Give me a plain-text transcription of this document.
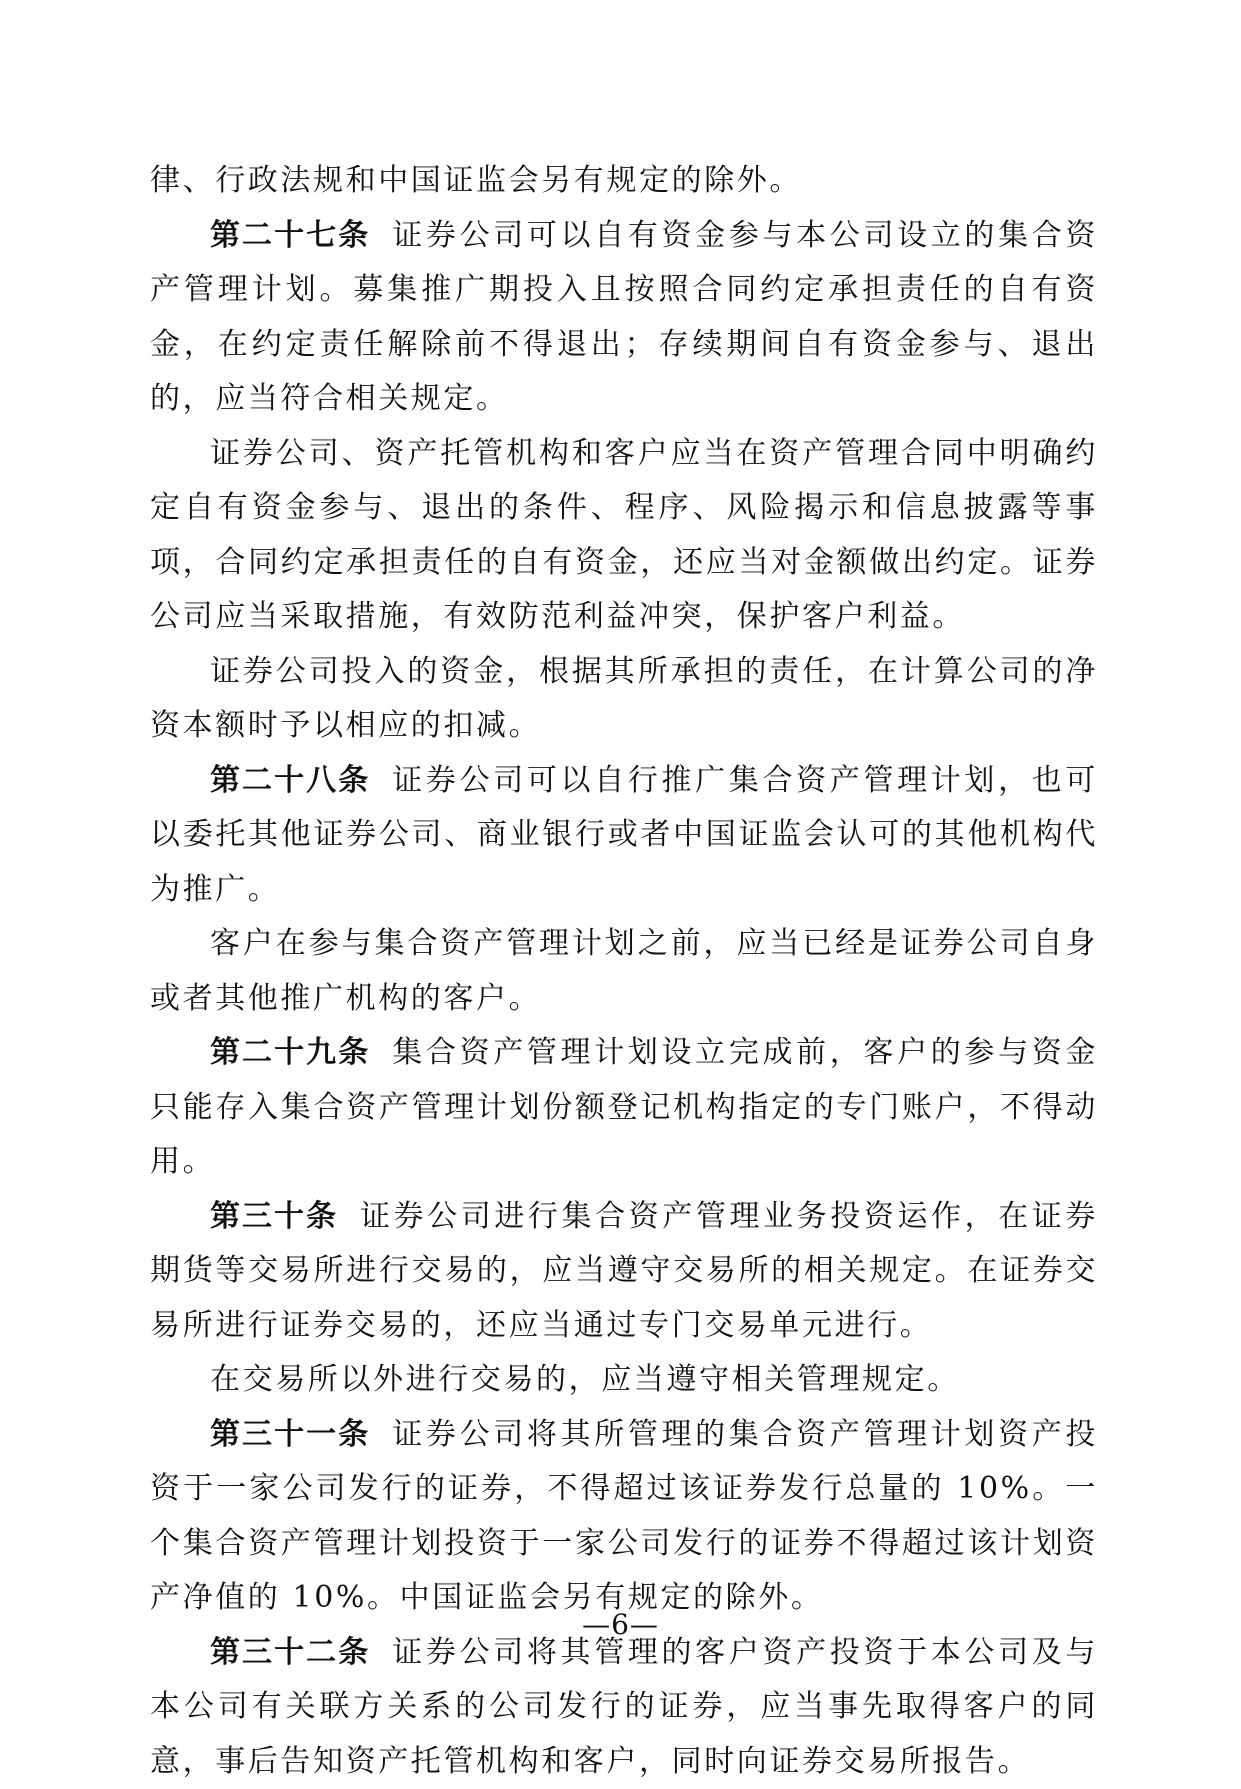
律、行政法规和中国证监会另有规定的除外。

第二十七条 证券公司可以自有资金参与本公司设立的集合资产管理计划。募集推广期投入且按照合同约定承担责任的自有资金，在约定责任解除前不得退出；存续期间自有资金参与、退出的，应当符合相关规定。

证券公司、资产托管机构和客户应当在资产管理合同中明确约定自有资金参与、退出的条件、程序、风险揭示和信息披露等事项，合同约定承担责任的自有资金，还应当对金额做出约定。证券公司应当采取措施，有效防范利益冲突，保护客户利益。

证券公司投入的资金，根据其所承担的责任，在计算公司的净资本额时予以相应的扣减。

第二十八条 证券公司可以自行推广集合资产管理计划，也可以委托其他证券公司、商业银行或者中国证监会认可的其他机构代为推广。

客户在参与集合资产管理计划之前，应当已经是证券公司自身或者其他推广机构的客户。

第二十九条 集合资产管理计划设立完成前，客户的参与资金只能存入集合资产管理计划份额登记机构指定的专门账户，不得动用。

第三十条 证券公司进行集合资产管理业务投资运作，在证券期货等交易所进行交易的，应当遵守交易所的相关规定。在证券交易所进行证券交易的，还应当通过专门交易单元进行。

在交易所以外进行交易的，应当遵守相关管理规定。

第三十一条 证券公司将其所管理的集合资产管理计划资产投资于一家公司发行的证券，不得超过该证券发行总量的 10%。一个集合资产管理计划投资于一家公司发行的证券不得超过该计划资产净值的 10%。中国证监会另有规定的除外。

第三十二条 证券公司将其管理的客户资产投资于本公司及与本公司有关联方关系的公司发行的证券，应当事先取得客户的同意，事后告知资产托管机构和客户，同时向证券交易所报告。

—6—
